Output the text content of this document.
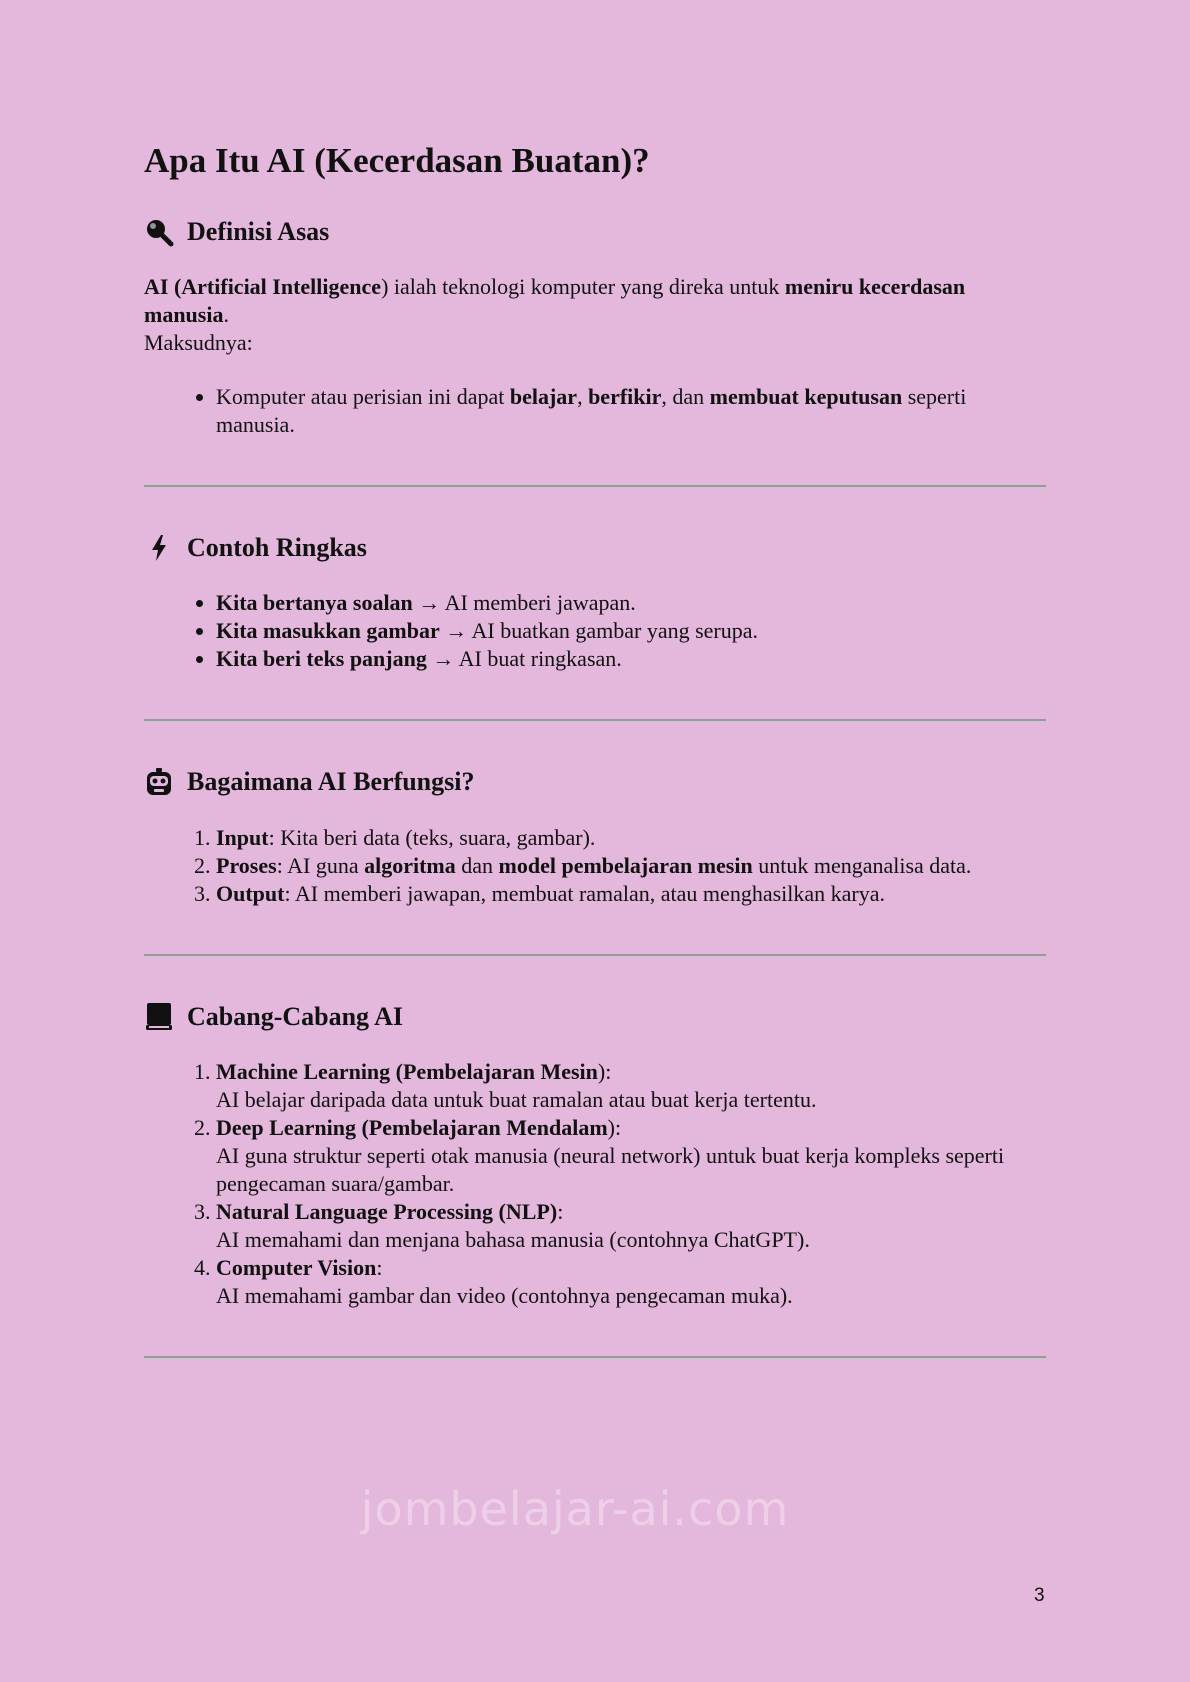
Apa Itu AI (Kecerdasan Buatan)?
Definisi Asas

AI (Artificial Intelligence) ialah teknologi komputer yang direka untuk meniru kecerdasan manusia.

Maksudnya:

• Komputer atau perisian ini dapat belajar, berfikir, dan membuat keputusan seperti manusia.
Contoh Ringkas
• Kita bertanya soalan → AI memberi jawapan.
• Kita masukkan gambar → AI buatkan gambar yang serupa.
• Kita beri teks panjang → AI buat ringkasan.
Bagaimana AI Berfungsi?
1. Input: Kita beri data (teks, suara, gambar).
2. Proses: AI guna algoritma dan model pembelajaran mesin untuk menganalisa data.
3. Output: AI memberi jawapan, membuat ramalan, atau menghasilkan karya.
Cabang-Cabang AI
1. Machine Learning (Pembelajaran Mesin):
AI belajar daripada data untuk buat ramalan atau buat kerja tertentu.
2. Deep Learning (Pembelajaran Mendalam):
AI guna struktur seperti otak manusia (neural network) untuk buat kerja kompleks seperti pengecaman suara/gambar.
3. Natural Language Processing (NLP):
AI memahami dan menjana bahasa manusia (contohnya ChatGPT).
4. Computer Vision:
AI memahami gambar dan video (contohnya pengecaman muka).
jombelajar-ai.com
3
